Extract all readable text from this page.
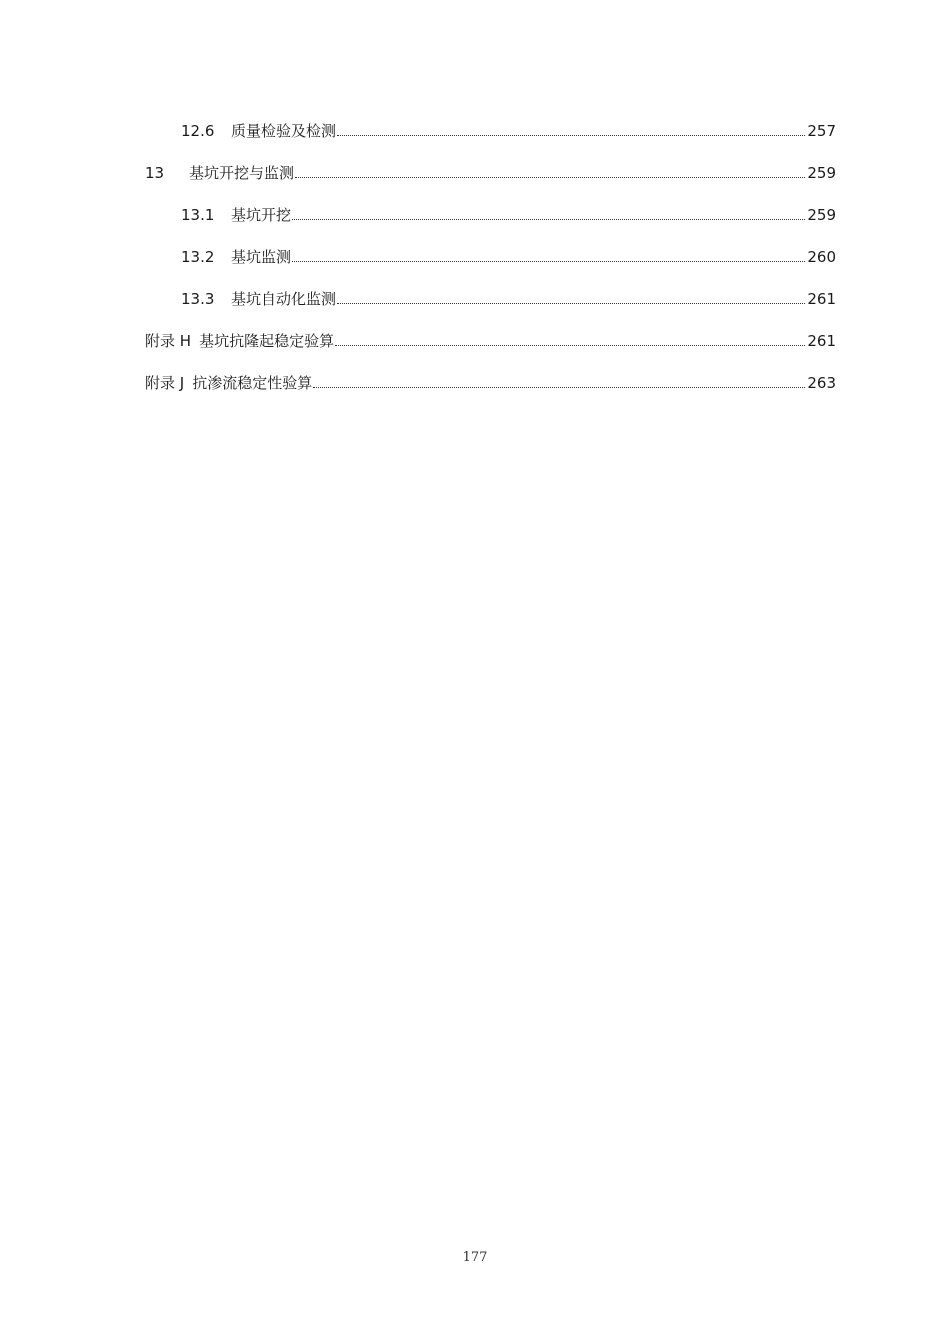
12.6	质量检验及检测	257
13	基坑开挖与监测	259
13.1	基坑开挖	259
13.2	基坑监测	260
13.3	基坑自动化监测	261
附录 H 基坑抗隆起稳定验算	261
附录 J 抗渗流稳定性验算	263
177
